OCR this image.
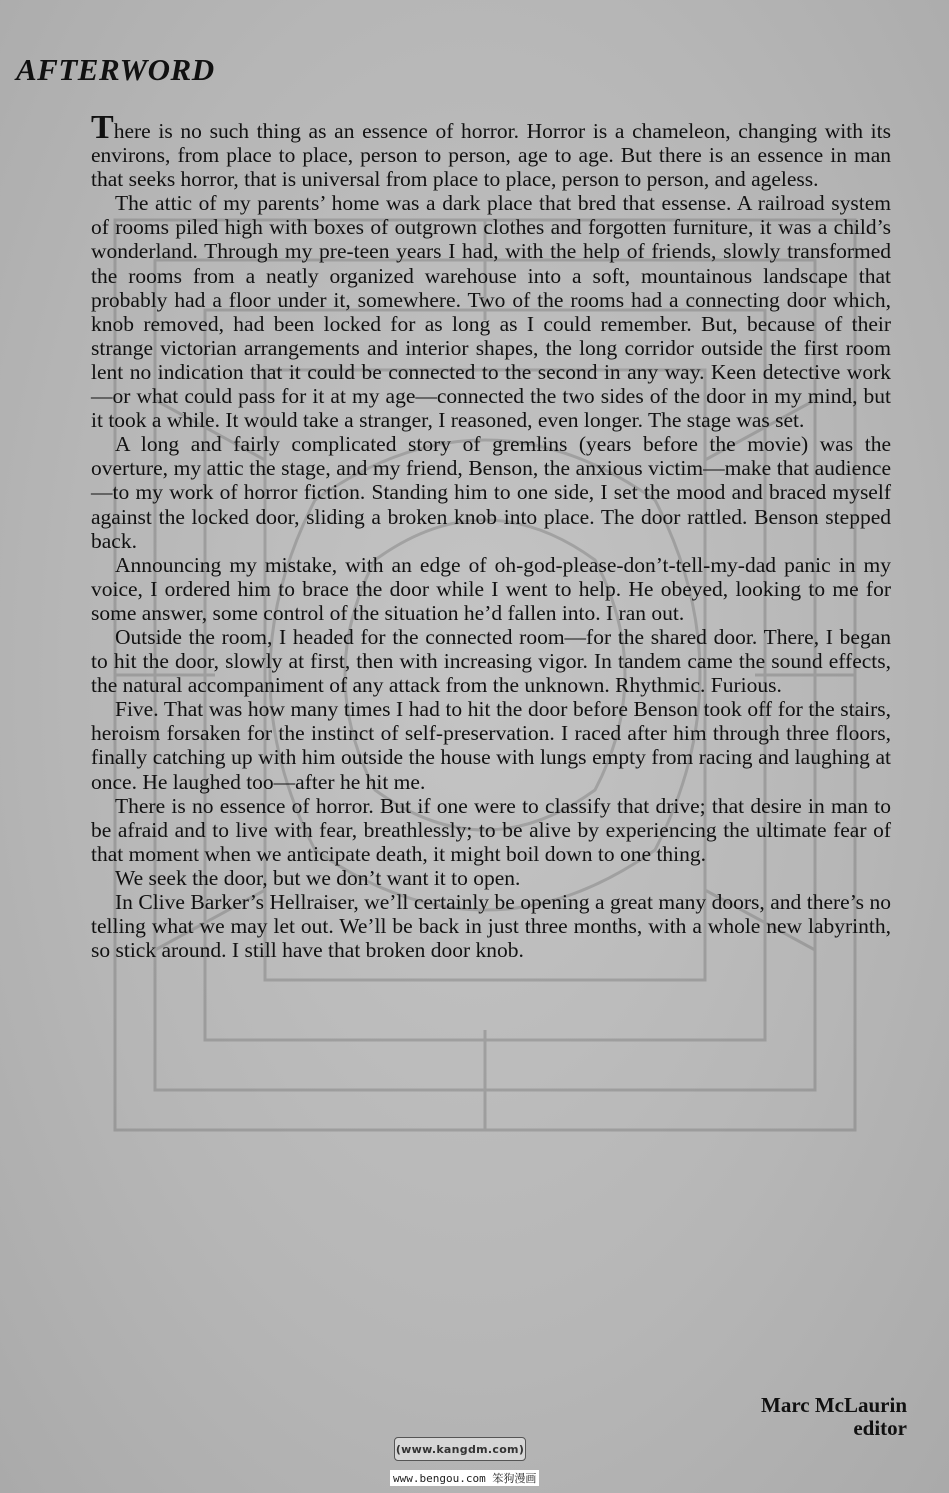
AFTERWORD

There is no such thing as an essence of horror. Horror is a chameleon, changing with its environs, from place to place, person to person, age to age. But there is an essence in man that seeks horror, that is universal from place to place, person to person, and ageless.

The attic of my parents’ home was a dark place that bred that essense. A railroad system of rooms piled high with boxes of outgrown clothes and forgotten furniture, it was a child’s wonderland. Through my pre-teen years I had, with the help of friends, slowly transformed the rooms from a neatly organized warehouse into a soft, mountainous landscape that probably had a floor under it, somewhere. Two of the rooms had a connecting door which, knob removed, had been locked for as long as I could remember. But, because of their strange victorian arrangements and interior shapes, the long corridor outside the first room lent no indication that it could be connected to the second in any way. Keen detective work—or what could pass for it at my age—connected the two sides of the door in my mind, but it took a while. It would take a stranger, I reasoned, even longer. The stage was set.

A long and fairly complicated story of gremlins (years before the movie) was the overture, my attic the stage, and my friend, Benson, the anxious victim—make that audience—to my work of horror fiction. Standing him to one side, I set the mood and braced myself against the locked door, sliding a broken knob into place. The door rattled. Benson stepped back.

Announcing my mistake, with an edge of oh-god-please-don’t-tell-my-dad panic in my voice, I ordered him to brace the door while I went to help. He obeyed, looking to me for some answer, some control of the situation he’d fallen into. I ran out.

Outside the room, I headed for the connected room—for the shared door. There, I began to hit the door, slowly at first, then with increasing vigor. In tandem came the sound effects, the natural accompaniment of any attack from the unknown. Rhythmic. Furious.

Five. That was how many times I had to hit the door before Benson took off for the stairs, heroism forsaken for the instinct of self-preservation. I raced after him through three floors, finally catching up with him outside the house with lungs empty from racing and laughing at once. He laughed too—after he hit me.

There is no essence of horror. But if one were to classify that drive; that desire in man to be afraid and to live with fear, breathlessly; to be alive by experiencing the ultimate fear of that moment when we anticipate death, it might boil down to one thing.

We seek the door, but we don’t want it to open.

In Clive Barker’s Hellraiser, we’ll certainly be opening a great many doors, and there’s no telling what we may let out. We’ll be back in just three months, with a whole new labyrinth, so stick around. I still have that broken door knob.

Marc McLaurin
editor
(www.kangdm.com)
www.bengou.com 笨狗漫画
